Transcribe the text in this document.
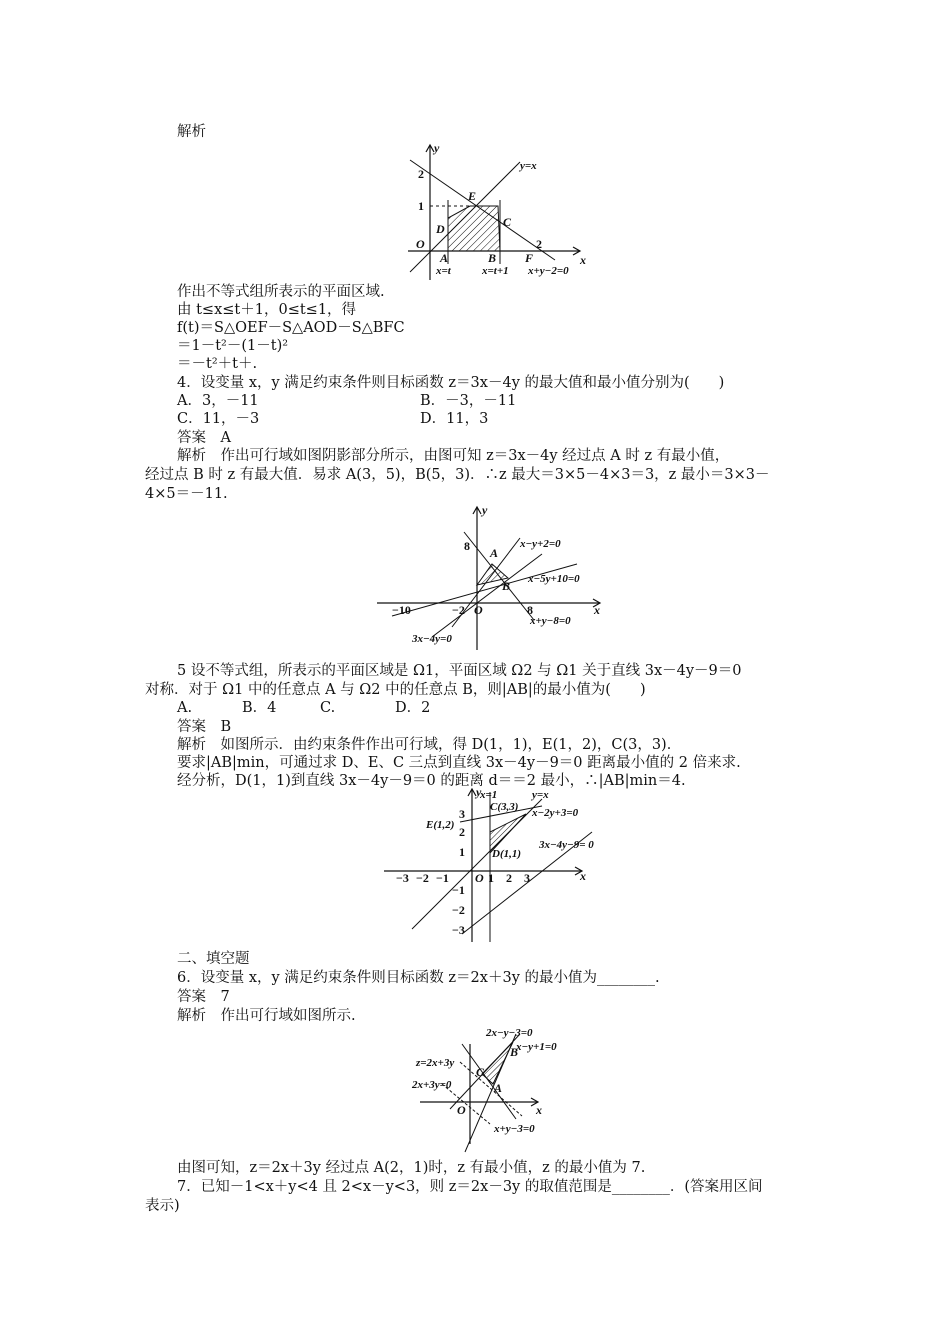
解析
y
x
O
2
1
2
E
D	C
A	B F
y=x
x=t	x=t+1 x+y−2=0
作出不等式组所表示的平面区域.
由 t≤x≤t＋1，0≤t≤1，得
f(t)＝S△OEF－S△AOD－S△BFC
＝1－t²－(1－t)²
＝－t²＋t＋.
4．设变量 x，y 满足约束条件则目标函数 z＝3x－4y 的最大值和最小值分别为(　　)
A．3，－11	B．－3，－11
C．11，－3	D．11，3
答案　A
解析　作出可行域如图阴影部分所示，由图可知 z＝3x－4y 经过点 A 时 z 有最小值，
经过点 B 时 z 有最大值．易求 A(3，5)，B(5，3)．∴z 最大＝3×5－4×3＝3，z 最小＝3×3－
4×5＝－11.
y
x
O
8
8
−2
−10
A
B
x−y+2=0
x−5y+10=0
x+y−8=0
3x−4y=0
5 设不等式组，所表示的平面区域是 Ω1，平面区域 Ω2 与 Ω1 关于直线 3x－4y－9＝0
对称．对于 Ω1 中的任意点 A 与 Ω2 中的任意点 B，则|AB|的最小值为(　　)
A.	B．4	C.	D．2
答案　B
解析　如图所示．由约束条件作出可行域，得 D(1，1)，E(1，2)，C(3，3)．
要求|AB|min，可通过求 D、E、C 三点到直线 3x－4y－9＝0 距离最小值的 2 倍来求.
经分析，D(1，1)到直线 3x－4y－9＝0 的距离 d＝＝2 最小，∴|AB|min＝4.
y
x
O 1 2 3
−1
−2
−3
1
2
3
−1
−2
−3
C(3,3)
D(1,1)
E(1,2)
x=1	y=x
x−2y+3=0
3x−4y−9= 0
二、填空题
6．设变量 x，y 满足约束条件则目标函数 z＝2x＋3y 的最小值为________.
答案　7
解析　作出可行域如图所示.
x
O
C
A
B
2x−y−3=0
x−y+1=0
z=2x+3y
2x+3y=0
x+y−3=0
由图可知，z＝2x＋3y 经过点 A(2，1)时，z 有最小值，z 的最小值为 7.
7．已知－1<x＋y<4 且 2<x－y<3，则 z＝2x－3y 的取值范围是________．(答案用区间
表示)
